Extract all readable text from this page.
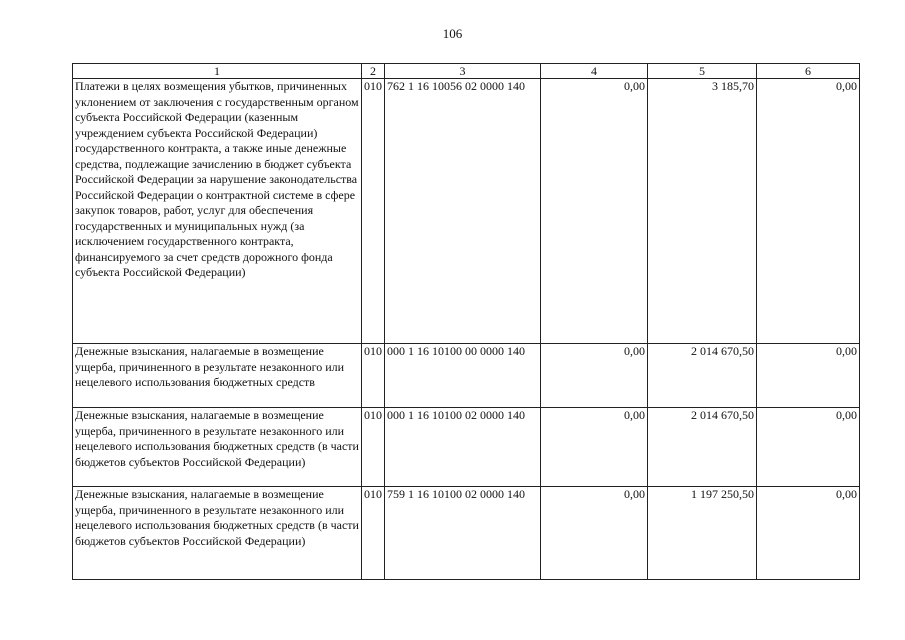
106
1	2	3	4	5	6
Платежи в целях возмещения убытков, причиненных уклонением от заключения с государственным органом субъекта Российской Федерации (казенным учреждением субъекта Российской Федерации) государственного контракта, а также иные денежные средства, подлежащие зачислению в бюджет субъекта Российской Федерации за нарушение законодательства Российской Федерации о контрактной системе в сфере закупок товаров, работ, услуг для обеспечения государственных и муниципальных нужд (за исключением государственного контракта, финансируемого за счет средств дорожного фонда субъекта Российской Федерации)	010	762 1 16 10056 02 0000 140	0,00	3 185,70	0,00
Денежные взыскания, налагаемые в возмещение ущерба, причиненного в результате незаконного или нецелевого использования бюджетных средств	010	000 1 16 10100 00 0000 140	0,00	2 014 670,50	0,00
Денежные взыскания, налагаемые в возмещение ущерба, причиненного в результате незаконного или нецелевого использования бюджетных средств (в части бюджетов субъектов Российской Федерации)	010	000 1 16 10100 02 0000 140	0,00	2 014 670,50	0,00
Денежные взыскания, налагаемые в возмещение ущерба, причиненного в результате незаконного или нецелевого использования бюджетных средств (в части бюджетов субъектов Российской Федерации)	010	759 1 16 10100 02 0000 140	0,00	1 197 250,50	0,00
